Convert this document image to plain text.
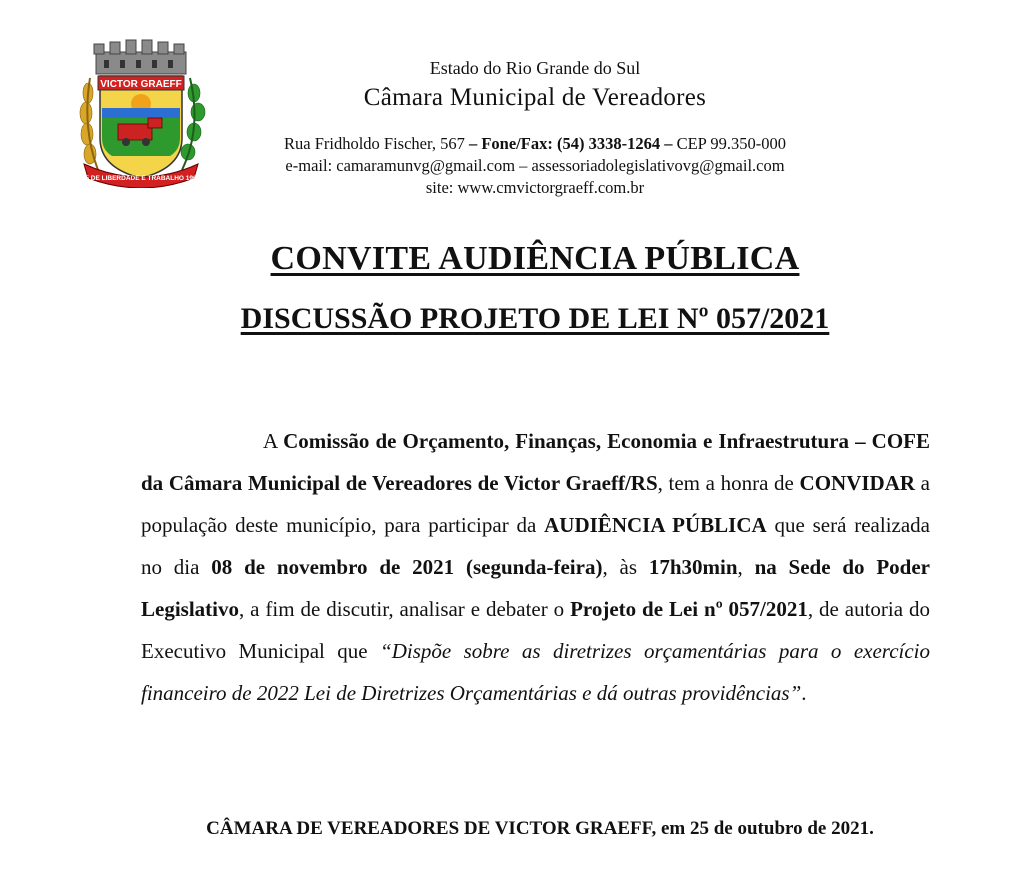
VICTOR GRAEFF
25 DE LIBERDADE E TRABALHO 1965
Estado do Rio Grande do Sul
Câmara Municipal de Vereadores
Rua Fridholdo Fischer, 567 – Fone/Fax: (54) 3338-1264 – CEP 99.350-000
e-mail: camaramunvg@gmail.com – assessoriadolegislativovg@gmail.com
site: www.cmvictorgraeff.com.br
CONVITE AUDIÊNCIA PÚBLICA
DISCUSSÃO PROJETO DE LEI Nº 057/2021
A Comissão de Orçamento, Finanças, Economia e Infraestrutura – COFE da Câmara Municipal de Vereadores de Victor Graeff/RS, tem a honra de CONVIDAR a população deste município, para participar da AUDIÊNCIA PÚBLICA que será realizada no dia 08 de novembro de 2021 (segunda-feira), às 17h30min, na Sede do Poder Legislativo, a fim de discutir, analisar e debater o Projeto de Lei nº 057/2021, de autoria do Executivo Municipal que “Dispõe sobre as diretrizes orçamentárias para o exercício financeiro de 2022 Lei de Diretrizes Orçamentárias e dá outras providências”.
CÂMARA DE VEREADORES DE VICTOR GRAEFF, em 25 de outubro de 2021.
